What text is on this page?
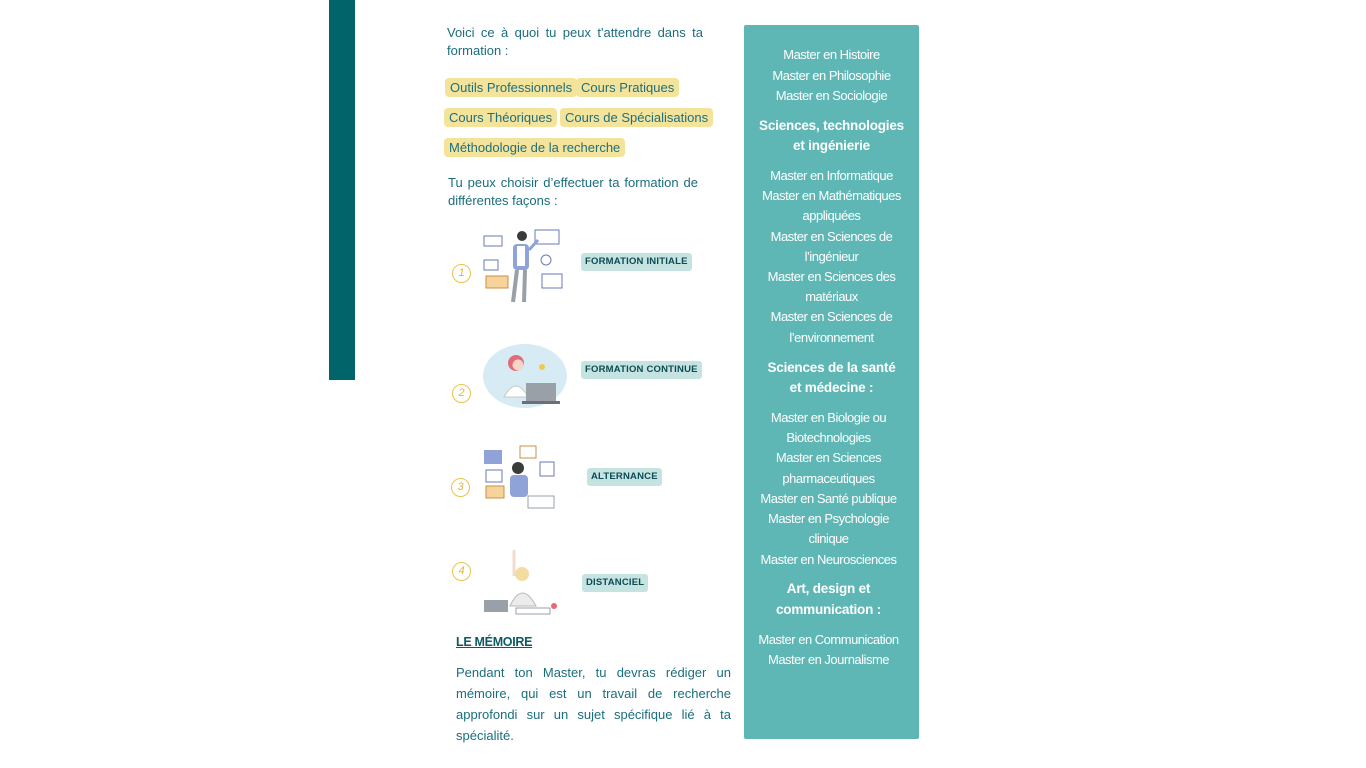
Voici ce à quoi tu peux t'attendre dans ta formation :

Outils Professionnels Cours Pratiques
Cours Théoriques Cours de Spécialisations
Méthodologie de la recherche

Tu peux choisir d’effectuer ta formation de différentes façons :

1
FORMATION INITIALE
2
FORMATION CONTINUE
3
ALTERNANCE
4
DISTANCIEL
LE MÉMOIRE

Pendant ton Master, tu devras rédiger un mémoire, qui est un travail de recherche approfondi sur un sujet spécifique lié à ta spécialité.

Master en Histoire
Master en Philosophie
Master en Sociologie
Sciences, technologies
et ingénierie
Master en Informatique
Master en Mathématiques
appliquées
Master en Sciences de
l’ingénieur
Master en Sciences des
matériaux
Master en Sciences de
l’environnement
Sciences de la santé
et médecine :
Master en Biologie ou
Biotechnologies
Master en Sciences
pharmaceutiques
Master en Santé publique
Master en Psychologie
clinique
Master en Neurosciences
Art, design et
communication :
Master en Communication
Master en Journalisme
